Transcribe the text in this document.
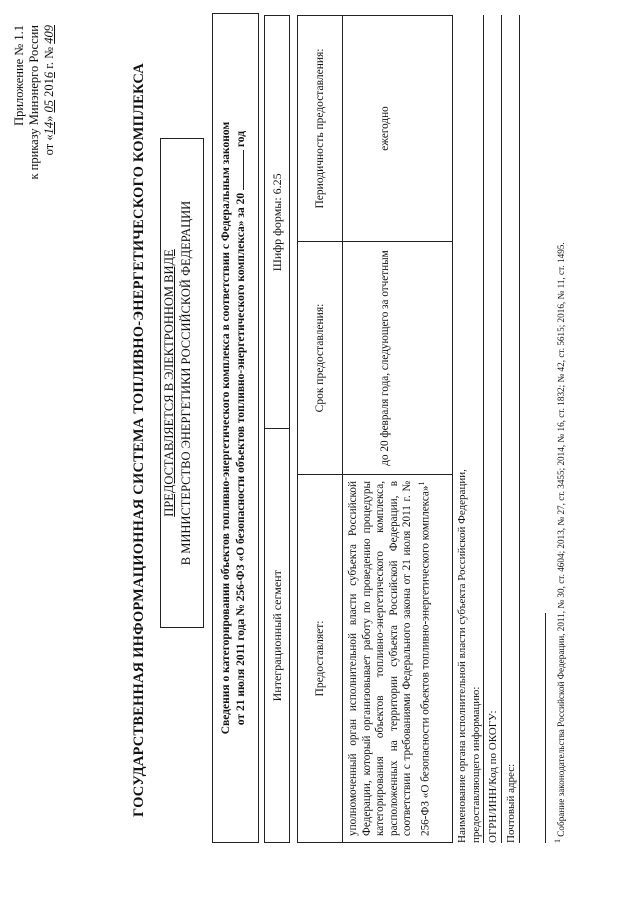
Приложение № 1.1 к приказу Минэнерго России от «14» 05 2016 г. № 409
ГОСУДАРСТВЕННАЯ ИНФОРМАЦИОННАЯ СИСТЕМА ТОПЛИВНО-ЭНЕРГЕТИЧЕСКОГО КОМПЛЕКСА ПРЕДОСТАВЛЯЕТСЯ В ЭЛЕКТРОННОМ ВИДЕ В МИНИСТЕРСТВО ЭНЕРГЕТИКИ РОССИЙСКОЙ ФЕДЕРАЦИИ	Сведения о категорировании объектов топливно-энергетического комплекса в соответствии с Федеральным законом от 21 июля 2011 года № 256-ФЗ «О безопасности объектов топливно-энергетического комплекса» за 20  год
Интеграционный сегмент	Шифр формы: 6.25
Предоставляет:	Срок предоставления:	Периодичность предоставления:
уполномоченный орган исполнительной власти субъекта Российской Федерации, который организовывает работу по проведению процедуры категорирования объектов топливно-энергетического комплекса, расположенных на территории субъекта Российской Федерации, в соответствии с требованиями Федерального закона от 21 июля 2011 г. № 256-ФЗ «О безопасности объектов топливно-энергетического комплекса»$^1$	до 20 февраля года, следующего за отчетным	ежегодно
Наименование органа исполнительной власти субъекта Российской Федерации, предоставляющего информацию: ОГРН/ИНН/Код по ОКОГУ: Почтовый адрес:	$^1$ Собрание законодательства Российской Федерации, 2011, № 30, ст. 4604; 2013, № 27, ст. 3455; 2014, № 16, ст. 1832; № 42, ст. 5615; 2016, № 11, ст. 1495.
